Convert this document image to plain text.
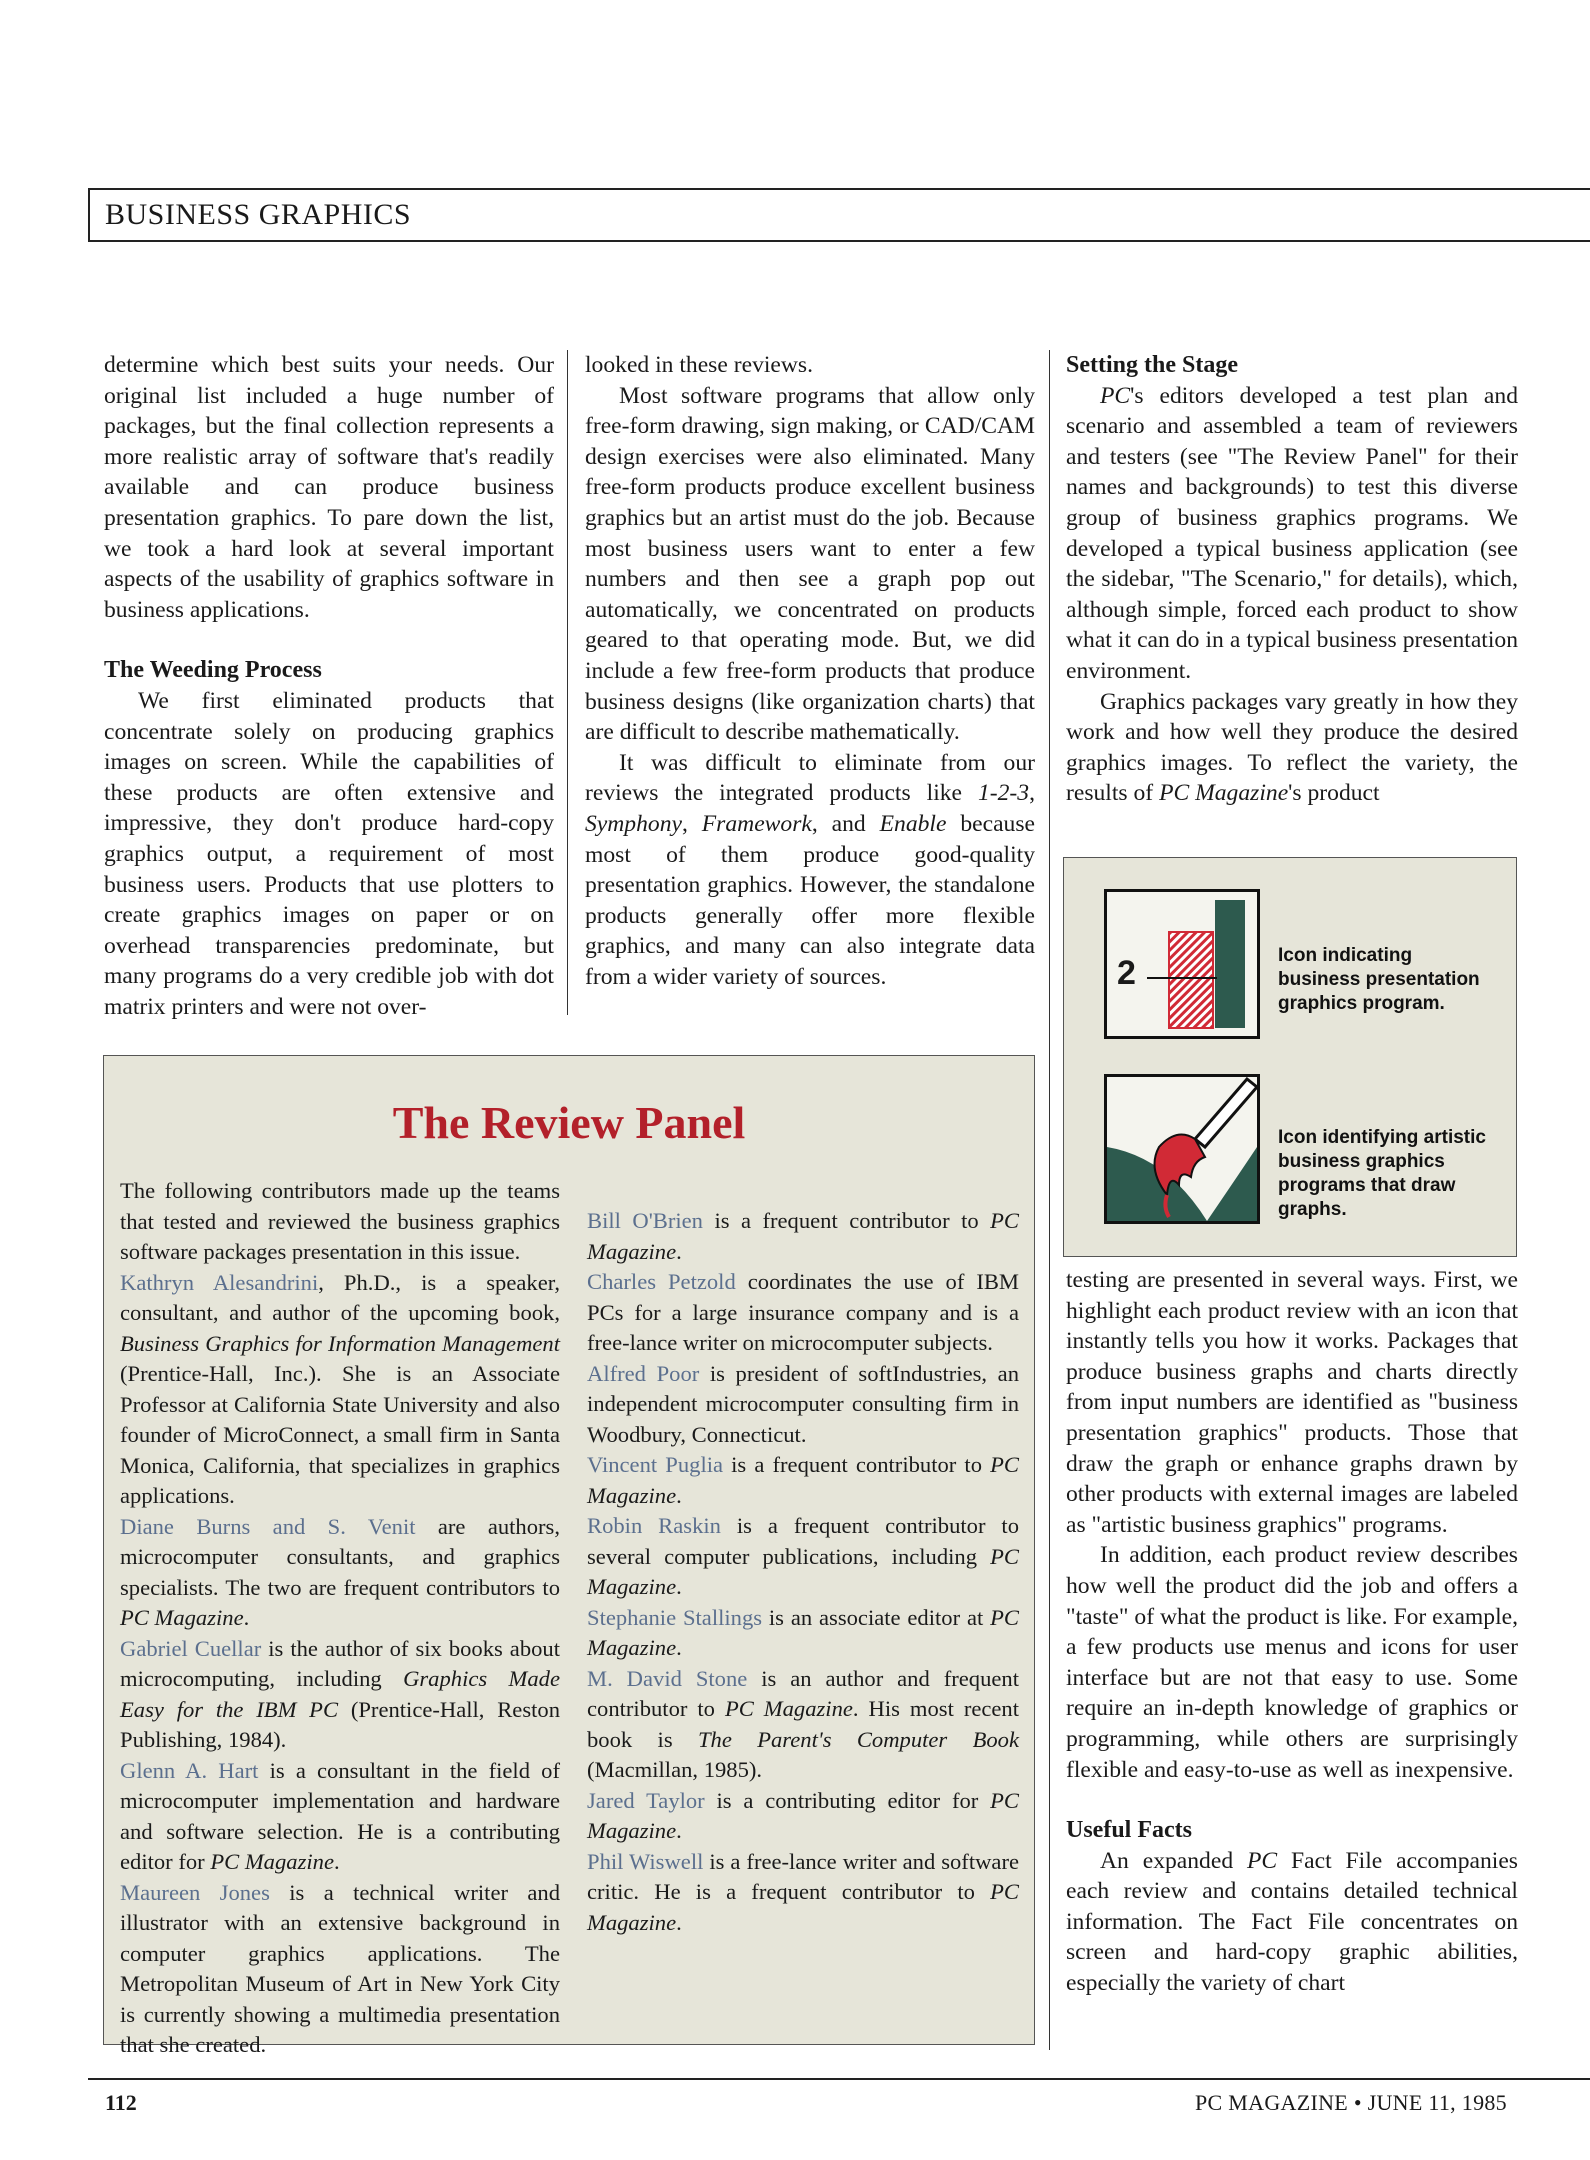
BUSINESS GRAPHICS

determine which best suits your needs. Our original list included a huge number of packages, but the final collection represents a more realistic array of software that's readily available and can produce business presentation graphics. To pare down the list, we took a hard look at several important aspects of the usability of graphics software in business applications.

The Weeding Process

We first eliminated products that concentrate solely on producing graphics images on screen. While the capabilities of these products are often extensive and impressive, they don't produce hard-copy graphics output, a requirement of most business users. Products that use plotters to create graphics images on paper or on overhead transparencies predominate, but many programs do a very credible job with dot matrix printers and were not over-

looked in these reviews.

Most software programs that allow only free-form drawing, sign making, or CAD/CAM design exercises were also eliminated. Many free-form products produce excellent business graphics but an artist must do the job. Because most business users want to enter a few numbers and then see a graph pop out automatically, we concentrated on products geared to that operating mode. But, we did include a few free-form products that produce business designs (like organization charts) that are difficult to describe mathematically.

It was difficult to eliminate from our reviews the integrated products like 1-2-3, Symphony, Framework, and Enable because most of them produce good-quality presentation graphics. However, the standalone products generally offer more flexible graphics, and many can also integrate data from a wider variety of sources.

Setting the Stage

PC's editors developed a test plan and scenario and assembled a team of reviewers and testers (see "The Review Panel" for their names and backgrounds) to test this diverse group of business graphics programs. We developed a typical business application (see the sidebar, "The Scenario," for details), which, although simple, forced each product to show what it can do in a typical business presentation environment.

Graphics packages vary greatly in how they work and how well they produce the desired graphics images. To reflect the variety, the results of PC Magazine's product

2	Icon indicating business presentation graphics program.
Icon identifying artistic business graphics programs that draw graphs.

testing are presented in several ways. First, we highlight each product review with an icon that instantly tells you how it works. Packages that produce business graphs and charts directly from input numbers are identified as "business presentation graphics" products. Those that draw the graph or enhance graphs drawn by other products with external images are labeled as "artistic business graphics" programs.

In addition, each product review describes how well the product did the job and offers a "taste" of what the product is like. For example, a few products use menus and icons for user interface but are not that easy to use. Some require an in-depth knowledge of graphics or programming, while others are surprisingly flexible and easy-to-use as well as inexpensive.

Useful Facts

An expanded PC Fact File accompanies each review and contains detailed technical information. The Fact File concentrates on screen and hard-copy graphic abilities, especially the variety of chart

The Review Panel

The following contributors made up the teams that tested and reviewed the business graphics software packages presentation in this issue.

Kathryn Alesandrini, Ph.D., is a speaker, consultant, and author of the upcoming book, Business Graphics for Information Management (Prentice-Hall, Inc.). She is an Associate Professor at California State University and also founder of MicroConnect, a small firm in Santa Monica, California, that specializes in graphics applications.

Diane Burns and S. Venit are authors, microcomputer consultants, and graphics specialists. The two are frequent contributors to PC Magazine.

Gabriel Cuellar is the author of six books about microcomputing, including Graphics Made Easy for the IBM PC (Prentice-Hall, Reston Publishing, 1984).

Glenn A. Hart is a consultant in the field of microcomputer implementation and hardware and software selection. He is a contributing editor for PC Magazine.

Maureen Jones is a technical writer and illustrator with an extensive background in computer graphics applications. The Metropolitan Museum of Art in New York City is currently showing a multimedia presentation that she created.

Bill O'Brien is a frequent contributor to PC Magazine.

Charles Petzold coordinates the use of IBM PCs for a large insurance company and is a free-lance writer on microcomputer subjects.

Alfred Poor is president of softIndustries, an independent microcomputer consulting firm in Woodbury, Connecticut.

Vincent Puglia is a frequent contributor to PC Magazine.

Robin Raskin is a frequent contributor to several computer publications, including PC Magazine.

Stephanie Stallings is an associate editor at PC Magazine.

M. David Stone is an author and frequent contributor to PC Magazine. His most recent book is The Parent's Computer Book (Macmillan, 1985).

Jared Taylor is a contributing editor for PC Magazine.

Phil Wiswell is a free-lance writer and software critic. He is a frequent contributor to PC Magazine.

112	PC MAGAZINE • JUNE 11, 1985
